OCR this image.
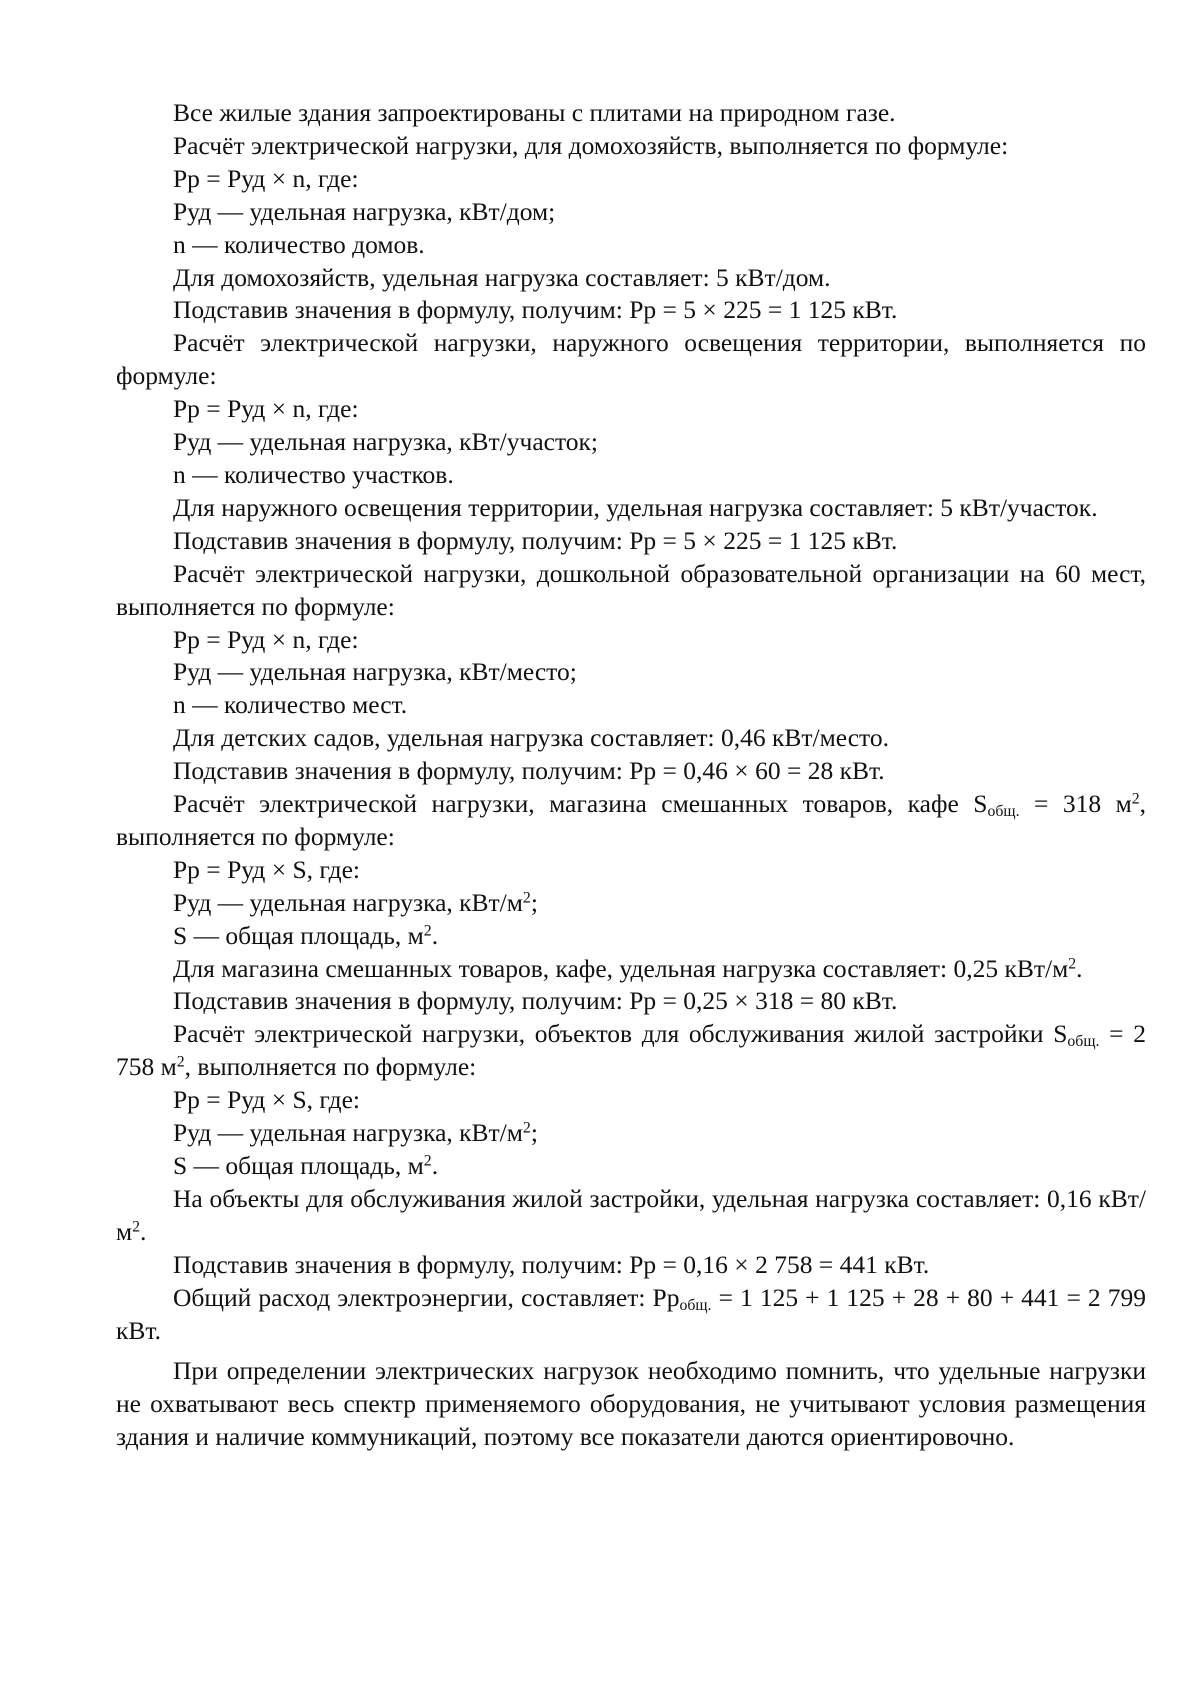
Все жилые здания запроектированы с плитами на природном газе.

Расчёт электрической нагрузки, для домохозяйств, выполняется по формуле:

Рр = Руд × n, где:

Руд — удельная нагрузка, кВт/дом;

n — количество домов.

Для домохозяйств, удельная нагрузка составляет: 5 кВт/дом.

Подставив значения в формулу, получим: Рр = 5 × 225 = 1 125 кВт.

Расчёт электрической нагрузки, наружного освещения территории, выполняется по формуле:

Рр = Руд × n, где:

Руд — удельная нагрузка, кВт/участок;

n — количество участков.

Для наружного освещения территории, удельная нагрузка составляет: 5 кВт/участок.

Подставив значения в формулу, получим: Рр = 5 × 225 = 1 125 кВт.

Расчёт электрической нагрузки, дошкольной образовательной организации на 60 мест, выполняется по формуле:

Рр = Руд × n, где:

Руд — удельная нагрузка, кВт/место;

n — количество мест.

Для детских садов, удельная нагрузка составляет: 0,46 кВт/место.

Подставив значения в формулу, получим: Рр = 0,46 × 60 = 28 кВт.

Расчёт электрической нагрузки, магазина смешанных товаров, кафе $S_{общ.} = 318$ $м^2$, выполняется по формуле:

Рр = Руд × S, где:

Руд — удельная нагрузка, кВт/$м^2$;

S — общая площадь, $м^2$.

Для магазина смешанных товаров, кафе, удельная нагрузка составляет: 0,25 кВт/$м^2$.

Подставив значения в формулу, получим: Рр = 0,25 × 318 = 80 кВт.

Расчёт электрической нагрузки, объектов для обслуживания жилой застройки $S_{общ.} = 2$ 758 $м^2$, выполняется по формуле:

Рр = Руд × S, где:

Руд — удельная нагрузка, кВт/$м^2$;

S — общая площадь, $м^2$.

На объекты для обслуживания жилой застройки, удельная нагрузка составляет: 0,16 кВт/$м^2$.

Подставив значения в формулу, получим: Рр = 0,16 × 2 758 = 441 кВт.

Общий расход электроэнергии, составляет: $Рр_{общ.} = 1$ 125 + 1 125 + 28 + 80 + 441 = 2 799 кВт.

При определении электрических нагрузок необходимо помнить, что удельные нагрузки не охватывают весь спектр применяемого оборудования, не учитывают условия размещения здания и наличие коммуникаций, поэтому все показатели даются ориентировочно.
